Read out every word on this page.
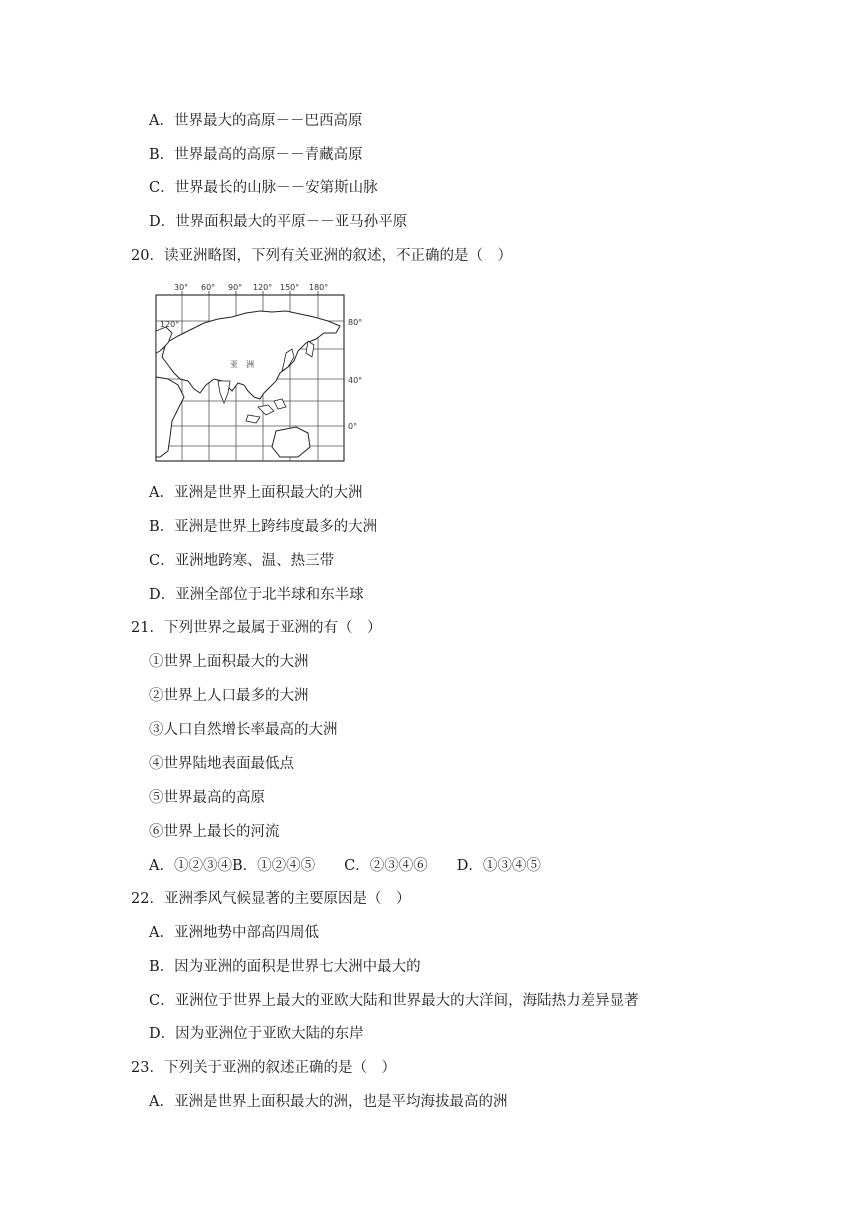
A．世界最大的高原－－巴西高原
B．世界最高的高原－－青藏高原
C．世界最长的山脉－－安第斯山脉
D．世界面积最大的平原－－亚马孙平原
20．读亚洲略图，下列有关亚洲的叙述，不正确的是（　）
30° 60° 90° 120° 150° 180°
80°
40°
0°
120°
亚　洲
A．亚洲是世界上面积最大的大洲
B．亚洲是世界上跨纬度最多的大洲
C．亚洲地跨寒、温、热三带
D．亚洲全部位于北半球和东半球
21．下列世界之最属于亚洲的有（　）
①世界上面积最大的大洲
②世界上人口最多的大洲
③人口自然增长率最高的大洲
④世界陆地表面最低点
⑤世界最高的高原
⑥世界上最长的河流
A．①②③④B．①②④⑤　　C．②③④⑥　　D．①③④⑤
22．亚洲季风气候显著的主要原因是（　）
A．亚洲地势中部高四周低
B．因为亚洲的面积是世界七大洲中最大的
C．亚洲位于世界上最大的亚欧大陆和世界最大的大洋间，海陆热力差异显著
D．因为亚洲位于亚欧大陆的东岸
23．下列关于亚洲的叙述正确的是（　）
A．亚洲是世界上面积最大的洲，也是平均海拔最高的洲
